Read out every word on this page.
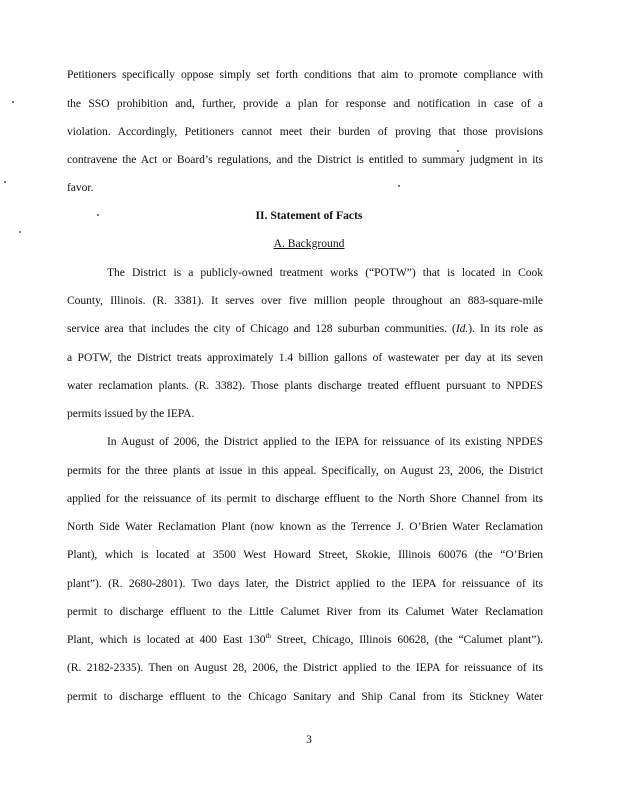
Petitioners specifically oppose simply set forth conditions that aim to promote compliance with
the SSO prohibition and, further, provide a plan for response and notification in case of a
violation. Accordingly, Petitioners cannot meet their burden of proving that those provisions
contravene the Act or Board’s regulations, and the District is entitled to summary judgment in its
favor.
II. Statement of Facts
A. Background
The District is a publicly-owned treatment works (“POTW”) that is located in Cook
County, Illinois. (R. 3381). It serves over five million people throughout an 883-square-mile
service area that includes the city of Chicago and 128 suburban communities. (Id.). In its role as
a POTW, the District treats approximately 1.4 billion gallons of wastewater per day at its seven
water reclamation plants. (R. 3382). Those plants discharge treated effluent pursuant to NPDES
permits issued by the IEPA.
In August of 2006, the District applied to the IEPA for reissuance of its existing NPDES
permits for the three plants at issue in this appeal. Specifically, on August 23, 2006, the District
applied for the reissuance of its permit to discharge effluent to the North Shore Channel from its
North Side Water Reclamation Plant (now known as the Terrence J. O’Brien Water Reclamation
Plant), which is located at 3500 West Howard Street, Skokie, Illinois 60076 (the “O’Brien
plant”). (R. 2680-2801). Two days later, the District applied to the IEPA for reissuance of its
permit to discharge effluent to the Little Calumet River from its Calumet Water Reclamation
Plant, which is located at 400 East 130th Street, Chicago, Illinois 60628, (the “Calumet plant”).
(R. 2182-2335). Then on August 28, 2006, the District applied to the IEPA for reissuance of its
permit to discharge effluent to the Chicago Sanitary and Ship Canal from its Stickney Water
3
